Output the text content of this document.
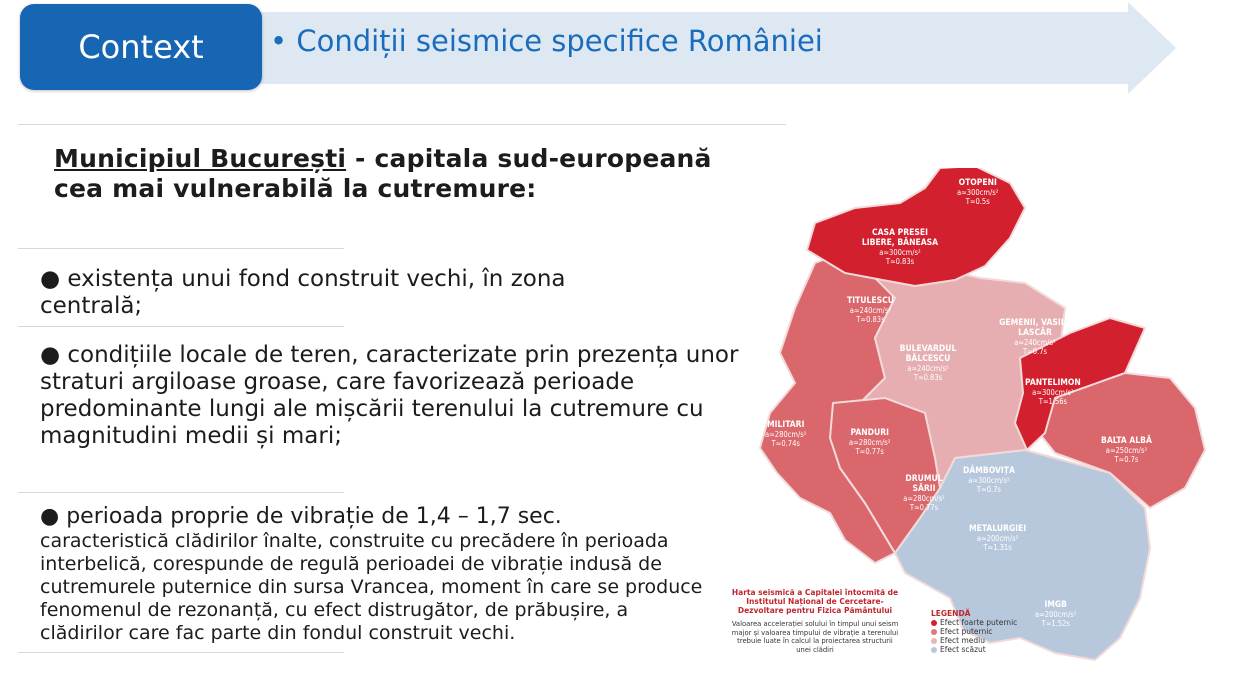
Context • Condiții seismice specifice României
Municipiul București - capitala sud-europeană cea mai vulnerabilă la cutremure:
● existența unui fond construit vechi, în zona centrală;
● condițiile locale de teren, caracterizate prin prezența unor straturi argiloase groase, care favorizează perioade predominante lungi ale mișcării terenului la cutremure cu magnitudini medii și mari;
● perioada proprie de vibrație de 1,4 – 1,7 sec.
caracteristică clădirilor înalte, construite cu precădere în perioada interbelică, corespunde de regulă perioadei de vibrație indusă de cutremurele puternice din sursa Vrancea, moment în care se produce fenomenul de rezonanță, cu efect distrugător, de prăbușire, a clădirilor care fac parte din fondul construit vechi.
OTOPENI
a≈300cm/s²
T≈0.5s
CASA PRESEI LIBERE, BĂNEASA
a≈300cm/s²
T≈0.83s
TITULESCU
a≈240cm/s²
T≈0.83s	GEMENII, VASILE LASCĂR
a≈240cm/s²
T≈0.7s
BULEVARDUL BĂLCESCU
a≈240cm/s²
T≈0.83s
PANTELIMON
a≈300cm/s²
T≈1.56s
MILITARI
a≈280cm/s²
T≈0.74s
PANDURI
a≈280cm/s²
T≈0.77s
BALTA ALBĂ
a≈250cm/s²
T≈0.7s
DÂMBOVIȚA
a≈300cm/s²
T≈0.7s
DRUMUL SĂRII
a≈280cm/s²
T≈0.77s
METALURGIEI
a≈200cm/s²
T≈1.31s
IMGB
a≈200cm/s²
T≈1.52s
Harta seismică a Capitalei întocmită de Institutul Național de Cercetare-Dezvoltare pentru Fizica Pământului
Valoarea accelerației solului în timpul unui seism major și valoarea timpului de vibrație a terenului trebuie luate în calcul la proiectarea structurii unei clădiri
LEGENDĂ
Efect foarte puternic
Efect puternic
Efect mediu
Efect scăzut
